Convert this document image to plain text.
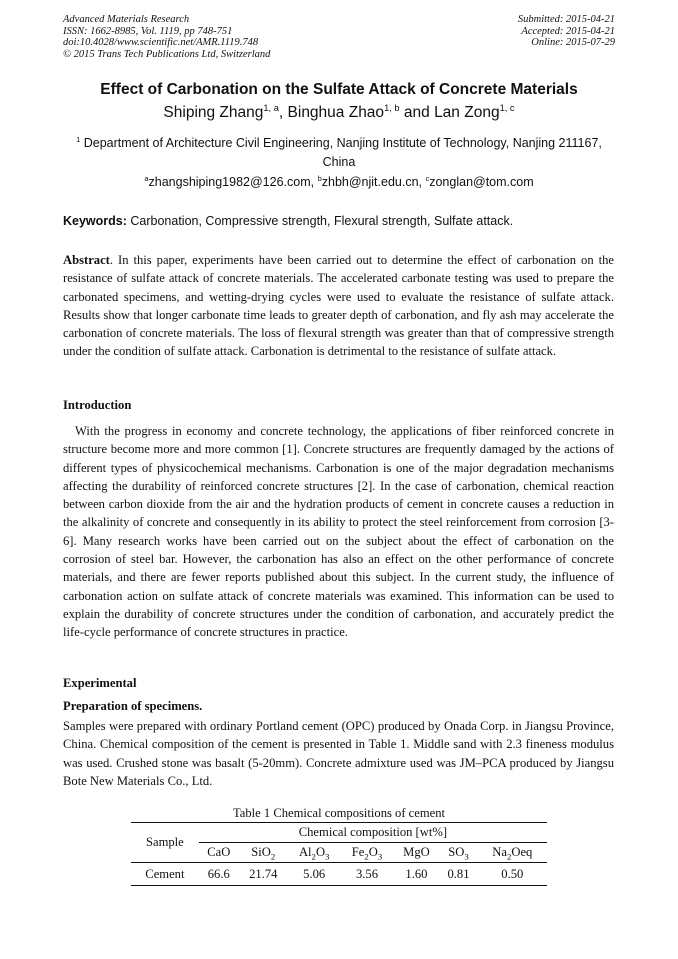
Advanced Materials Research
ISSN: 1662-8985, Vol. 1119, pp 748-751
doi:10.4028/www.scientific.net/AMR.1119.748
© 2015 Trans Tech Publications Ltd, Switzerland
Submitted: 2015-04-21
Accepted: 2015-04-21
Online: 2015-07-29
Effect of Carbonation on the Sulfate Attack of Concrete Materials
Shiping Zhang$^{1, a}$, Binghua Zhao$^{1, b}$ and Lan Zong$^{1, c}$
$^1$ Department of Architecture Civil Engineering, Nanjing Institute of Technology, Nanjing 211167, China
$^a$zhangshiping1982@126.com, $^b$zhbh@njit.edu.cn, $^c$zonglan@tom.com
Keywords: Carbonation, Compressive strength, Flexural strength, Sulfate attack.
Abstract. In this paper, experiments have been carried out to determine the effect of carbonation on the resistance of sulfate attack of concrete materials. The accelerated carbonate testing was used to prepare the carbonated specimens, and wetting-drying cycles were used to evaluate the resistance of sulfate attack. Results show that longer carbonate time leads to greater depth of carbonation, and fly ash may accelerate the carbonation of concrete materials. The loss of flexural strength was greater than that of compressive strength under the condition of sulfate attack. Carbonation is detrimental to the resistance of sulfate attack.
Introduction
With the progress in economy and concrete technology, the applications of fiber reinforced concrete in structure become more and more common [1]. Concrete structures are frequently damaged by the actions of different types of physicochemical mechanisms. Carbonation is one of the major degradation mechanisms affecting the durability of reinforced concrete structures [2]. In the case of carbonation, chemical reaction between carbon dioxide from the air and the hydration products of cement in concrete causes a reduction in the alkalinity of concrete and consequently in its ability to protect the steel reinforcement from corrosion [3-6]. Many research works have been carried out on the subject about the effect of carbonation on the corrosion of steel bar. However, the carbonation has also an effect on the other performance of concrete materials, and there are fewer reports published about this subject. In the current study, the influence of carbonation action on sulfate attack of concrete materials was examined. This information can be used to explain the durability of concrete structures under the condition of carbonation, and accurately predict the life-cycle performance of concrete structures in practice.
Experimental
Preparation of specimens.
Samples were prepared with ordinary Portland cement (OPC) produced by Onada Corp. in Jiangsu Province, China. Chemical composition of the cement is presented in Table 1. Middle sand with 2.3 fineness modulus was used. Crushed stone was basalt (5-20mm). Concrete admixture used was JM–PCA produced by Jiangsu Bote New Materials Co., Ltd.
Table 1 Chemical compositions of cement
Sample	Chemical composition [wt%]						
	CaO	SiO$_2$	$Al_2O_3$	$Fe_2O_3$	MgO	$SO_3$	$Na_2Oeq$
Cement	66.6	21.74	5.06	3.56	1.60	0.81	0.50
